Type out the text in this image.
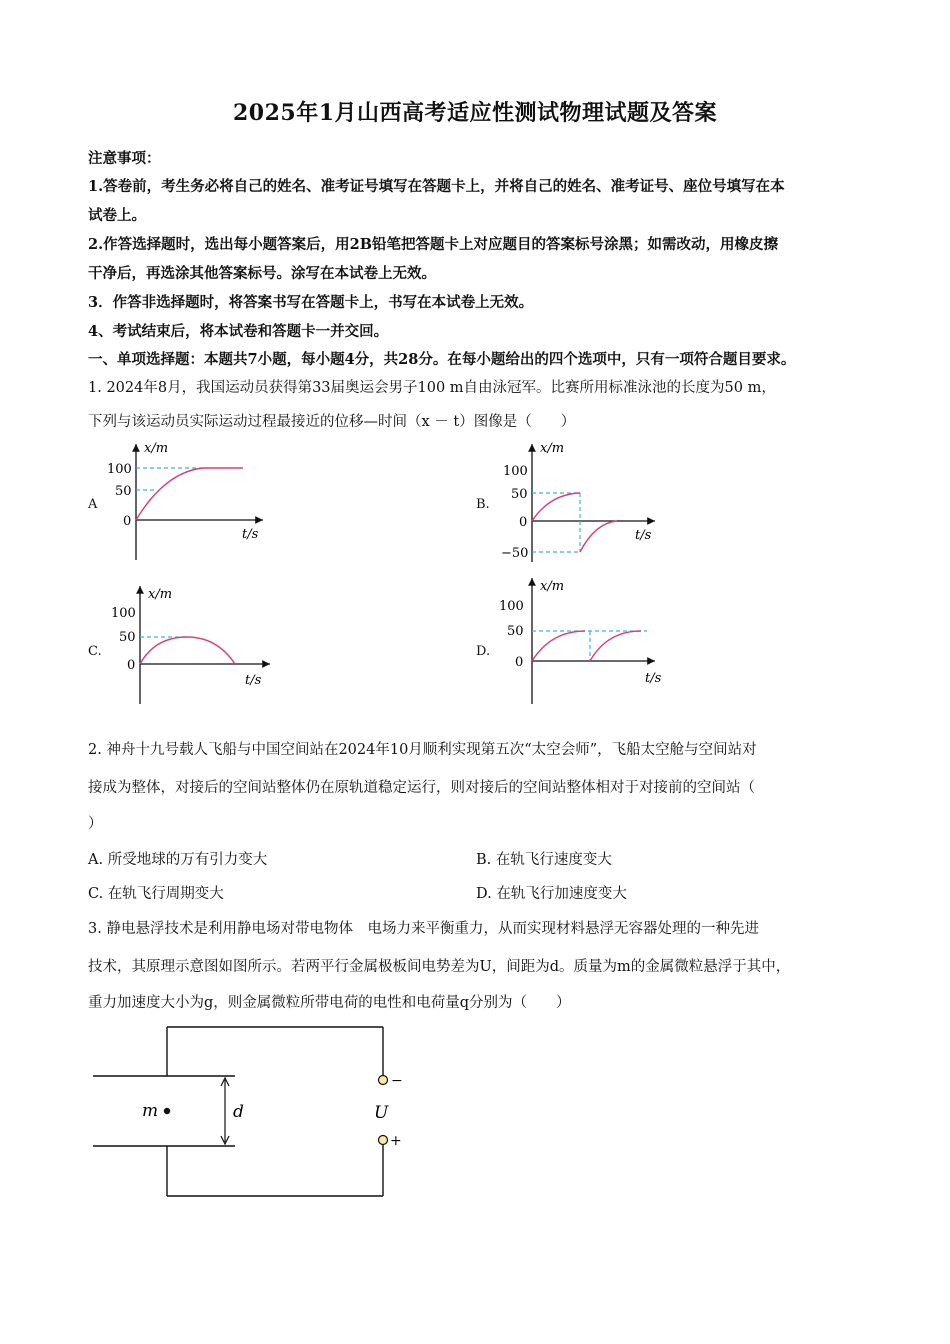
2025年1月山西高考适应性测试物理试题及答案
注意事项：
1.答卷前，考生务必将自己的姓名、准考证号填写在答题卡上，并将自己的姓名、准考证号、座位号填写在本
试卷上。
2.作答选择题时，选出每小题答案后，用2B铅笔把答题卡上对应题目的答案标号涂黑；如需改动，用橡皮擦
干净后，再选涂其他答案标号。涂写在本试卷上无效。
3．作答非选择题时，将答案书写在答题卡上，书写在本试卷上无效。
4、考试结束后，将本试卷和答题卡一并交回。
一、单项选择题：本题共7小题，每小题4分，共28分。在每小题给出的四个选项中，只有一项符合题目要求。
1. 2024年8月，我国运动员获得第33届奥运会男子100 m自由泳冠军。比赛所用标准泳池的长度为50 m，
下列与该运动员实际运动过程最接近的位移—时间（x － t）图像是（　　）
A	B.
C.	D.
x/m
t/s
100
50
0
x/m
t/s
100
50
0
−50
x/m
t/s
100
50
0
x/m
t/s
100
50
0
2. 神舟十九号载人飞船与中国空间站在2024年10月顺利实现第五次“太空会师”，飞船太空舱与空间站对
接成为整体，对接后的空间站整体仍在原轨道稳定运行，则对接后的空间站整体相对于对接前的空间站（
）
A. 所受地球的万有引力变大	B. 在轨飞行速度变大
C. 在轨飞行周期变大	D. 在轨飞行加速度变大
3. 静电悬浮技术是利用静电场对带电物体　电场力来平衡重力，从而实现材料悬浮无容器处理的一种先进
技术，其原理示意图如图所示。若两平行金属极板间电势差为U，间距为d。质量为m的金属微粒悬浮于其中，
重力加速度大小为g，则金属微粒所带电荷的电性和电荷量q分别为（　　）
−
+
U
m	d
